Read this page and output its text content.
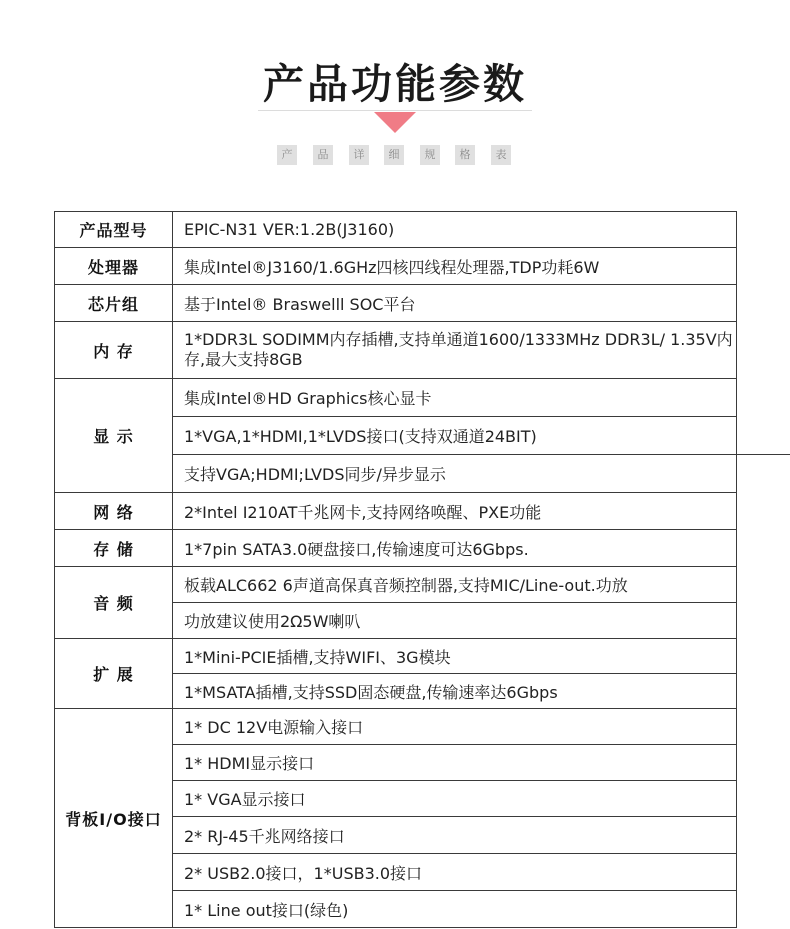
产品功能参数
产	品	详	细	规	格	表
产品型号	EPIC-N31 VER:1.2B(J3160)
处理器	集成Intel®J3160/1.6GHz四核四线程处理器,TDP功耗6W
芯片组	基于Intel® Braswelll SOC平台
内 存	1*DDR3L SODIMM内存插槽,支持单通道1600/1333MHz DDR3L/ 1.35V内存,最大支持8GB
显 示	集成Intel®HD Graphics核心显卡
	1*VGA,1*HDMI,1*LVDS接口(支持双通道24BIT)
	支持VGA;HDMI;LVDS同步/异步显示
网 络	2*Intel I210AT千兆网卡,支持网络唤醒、PXE功能
存 储	1*7pin SATA3.0硬盘接口,传输速度可达6Gbps.
音 频	板载ALC662 6声道高保真音频控制器,支持MIC/Line-out.功放
	功放建议使用2Ω5W喇叭
扩 展	1*Mini-PCIE插槽,支持WIFI、3G模块
	1*MSATA插槽,支持SSD固态硬盘,传输速率达6Gbps
背板I/O接口	1* DC 12V电源输入接口
	1* HDMI显示接口
	1* VGA显示接口
	2* RJ-45千兆网络接口
	2* USB2.0接口，1*USB3.0接口
	1* Line out接口(绿色)
